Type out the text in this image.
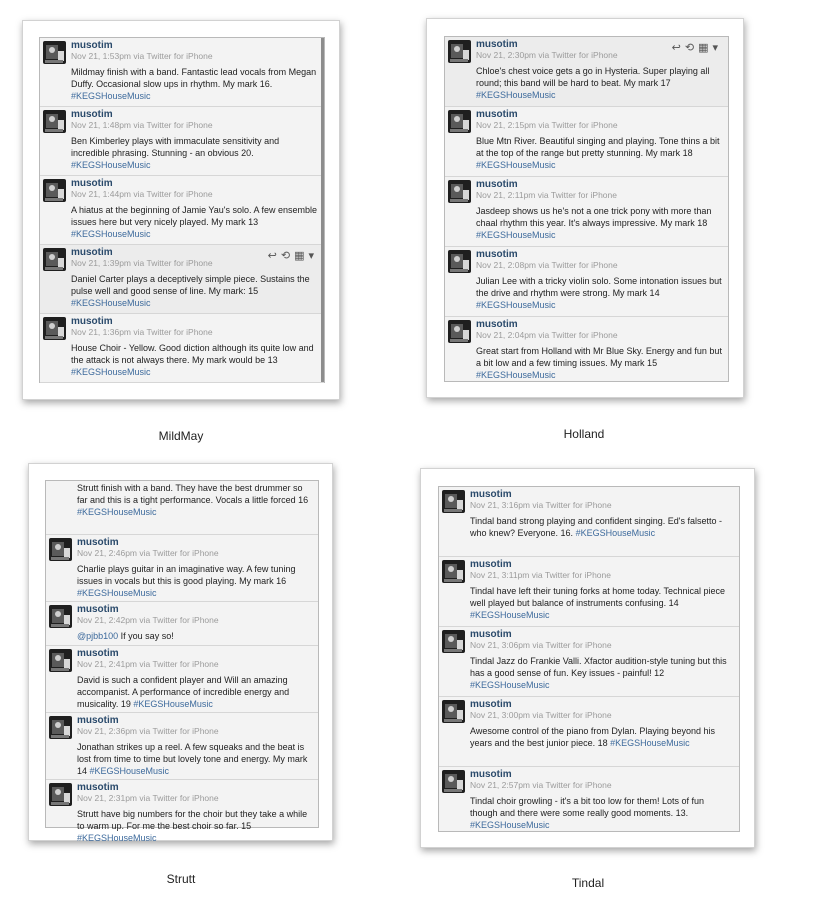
musotim
Nov 21, 1:53pm via Twitter for iPhone
Mildmay finish with a band. Fantastic lead vocals from Megan Duffy. Occasional slow ups in rhythm. My mark 16.
#KEGSHouseMusic
musotim
Nov 21, 1:48pm via Twitter for iPhone
Ben Kimberley plays with immaculate sensitivity and incredible phrasing. Stunning - an obvious 20.
#KEGSHouseMusic
musotim
Nov 21, 1:44pm via Twitter for iPhone
A hiatus at the beginning of Jamie Yau's solo. A few ensemble issues here but very nicely played. My mark 13
#KEGSHouseMusic
musotim
Nov 21, 1:39pm via Twitter for iPhone
↩ ⟲ ▦ ▾
Daniel Carter plays a deceptively simple piece. Sustains the pulse well and good sense of line. My mark: 15
#KEGSHouseMusic
musotim
Nov 21, 1:36pm via Twitter for iPhone
House Choir - Yellow. Good diction although its quite low and the attack is not always there. My mark would be 13
#KEGSHouseMusic
MildMay
musotim
Nov 21, 2:30pm via Twitter for iPhone
↩ ⟲ ▦ ▾
Chloe's chest voice gets a go in Hysteria. Super playing all round; this band will be hard to beat. My mark 17
#KEGSHouseMusic
musotim
Nov 21, 2:15pm via Twitter for iPhone
Blue Mtn River. Beautiful singing and playing. Tone thins a bit at the top of the range but pretty stunning. My mark 18
#KEGSHouseMusic
musotim
Nov 21, 2:11pm via Twitter for iPhone
Jasdeep shows us he's not a one trick pony with more than chaal rhythm this year. It's always impressive. My mark 18
#KEGSHouseMusic
musotim
Nov 21, 2:08pm via Twitter for iPhone
Julian Lee with a tricky violin solo. Some intonation issues but the drive and rhythm were strong. My mark 14
#KEGSHouseMusic
musotim
Nov 21, 2:04pm via Twitter for iPhone
Great start from Holland with Mr Blue Sky. Energy and fun but a bit low and a few timing issues. My mark 15
#KEGSHouseMusic
Holland
Strutt finish with a band. They have the best drummer so far and this is a tight performance. Vocals a little forced 16
#KEGSHouseMusic
musotim
Nov 21, 2:46pm via Twitter for iPhone
Charlie plays guitar in an imaginative way. A few tuning issues in vocals but this is good playing. My mark 16
#KEGSHouseMusic
musotim
Nov 21, 2:42pm via Twitter for iPhone
@pjbb100 If you say so!
musotim
Nov 21, 2:41pm via Twitter for iPhone
David is such a confident player and Will an amazing accompanist. A performance of incredible energy and musicality. 19 #KEGSHouseMusic
musotim
Nov 21, 2:36pm via Twitter for iPhone
Jonathan strikes up a reel. A few squeaks and the beat is lost from time to time but lovely tone and energy. My mark 14 #KEGSHouseMusic
musotim
Nov 21, 2:31pm via Twitter for iPhone
Strutt have big numbers for the choir but they take a while to warm up. For me the best choir so far. 15
#KEGSHouseMusic
Strutt
musotim
Nov 21, 3:16pm via Twitter for iPhone
Tindal band strong playing and confident singing. Ed's falsetto - who knew? Everyone. 16. #KEGSHouseMusic
musotim
Nov 21, 3:11pm via Twitter for iPhone
Tindal have left their tuning forks at home today. Technical piece well played but balance of instruments confusing. 14
#KEGSHouseMusic
musotim
Nov 21, 3:06pm via Twitter for iPhone
Tindal Jazz do Frankie Valli. Xfactor audition-style tuning but this has a good sense of fun. Key issues - painful! 12
#KEGSHouseMusic
musotim
Nov 21, 3:00pm via Twitter for iPhone
Awesome control of the piano from Dylan. Playing beyond his years and the best junior piece. 18 #KEGSHouseMusic
musotim
Nov 21, 2:57pm via Twitter for iPhone
Tindal choir growling - it's a bit too low for them! Lots of fun though and there were some really good moments. 13.
#KEGSHouseMusic
Tindal
